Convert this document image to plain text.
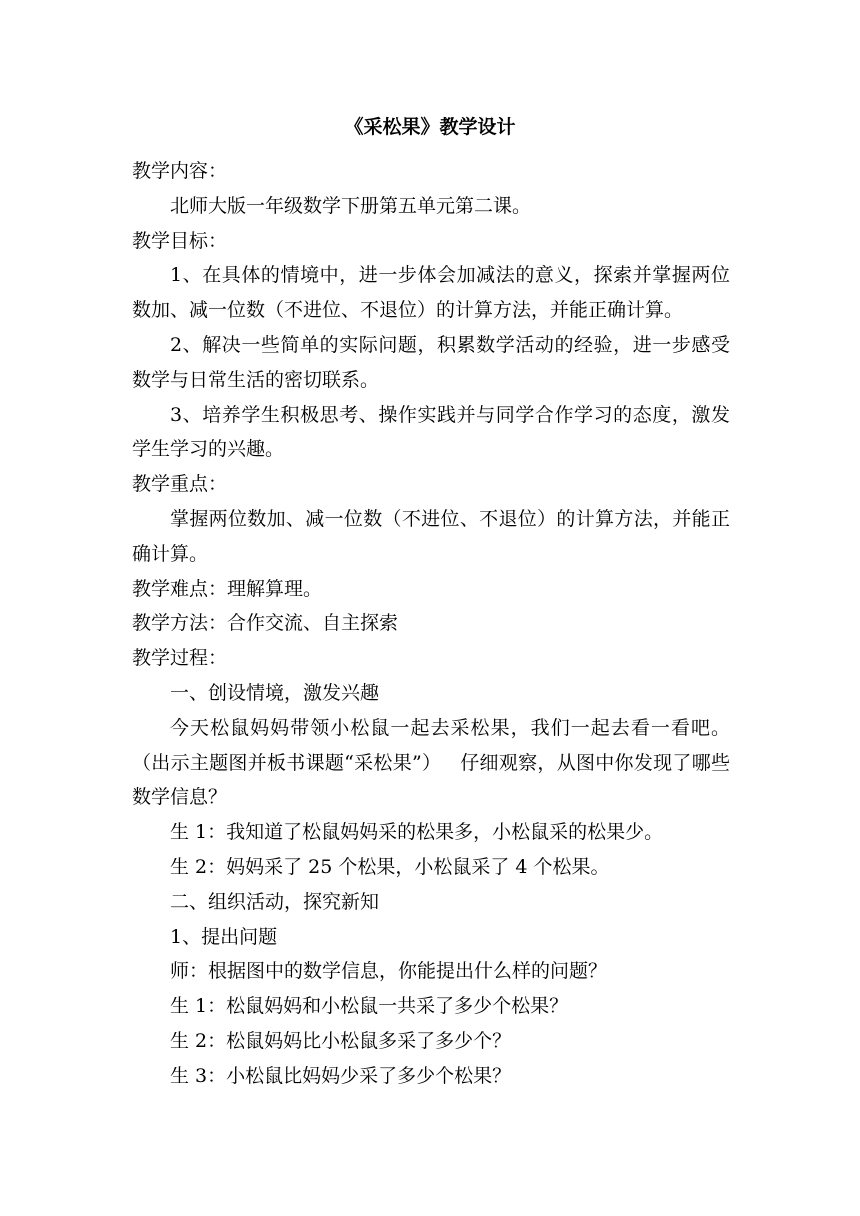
《采松果》教学设计

教学内容：

北师大版一年级数学下册第五单元第二课。

教学目标：

1、在具体的情境中，进一步体会加减法的意义，探索并掌握两位数加、减一位数（不进位、不退位）的计算方法，并能正确计算。

2、解决一些简单的实际问题，积累数学活动的经验，进一步感受数学与日常生活的密切联系。

3、培养学生积极思考、操作实践并与同学合作学习的态度，激发学生学习的兴趣。

教学重点：

掌握两位数加、减一位数（不进位、不退位）的计算方法，并能正确计算。

教学难点：理解算理。

教学方法：合作交流、自主探索

教学过程：

一、创设情境，激发兴趣

今天松鼠妈妈带领小松鼠一起去采松果，我们一起去看一看吧。（出示主题图并板书课题“采松果”）   仔细观察，从图中你发现了哪些数学信息？

生 1：我知道了松鼠妈妈采的松果多，小松鼠采的松果少。

生 2：妈妈采了 25 个松果，小松鼠采了 4 个松果。

二、组织活动，探究新知

1、提出问题

师：根据图中的数学信息，你能提出什么样的问题？

生 1：松鼠妈妈和小松鼠一共采了多少个松果？

生 2：松鼠妈妈比小松鼠多采了多少个？

生 3：小松鼠比妈妈少采了多少个松果？
